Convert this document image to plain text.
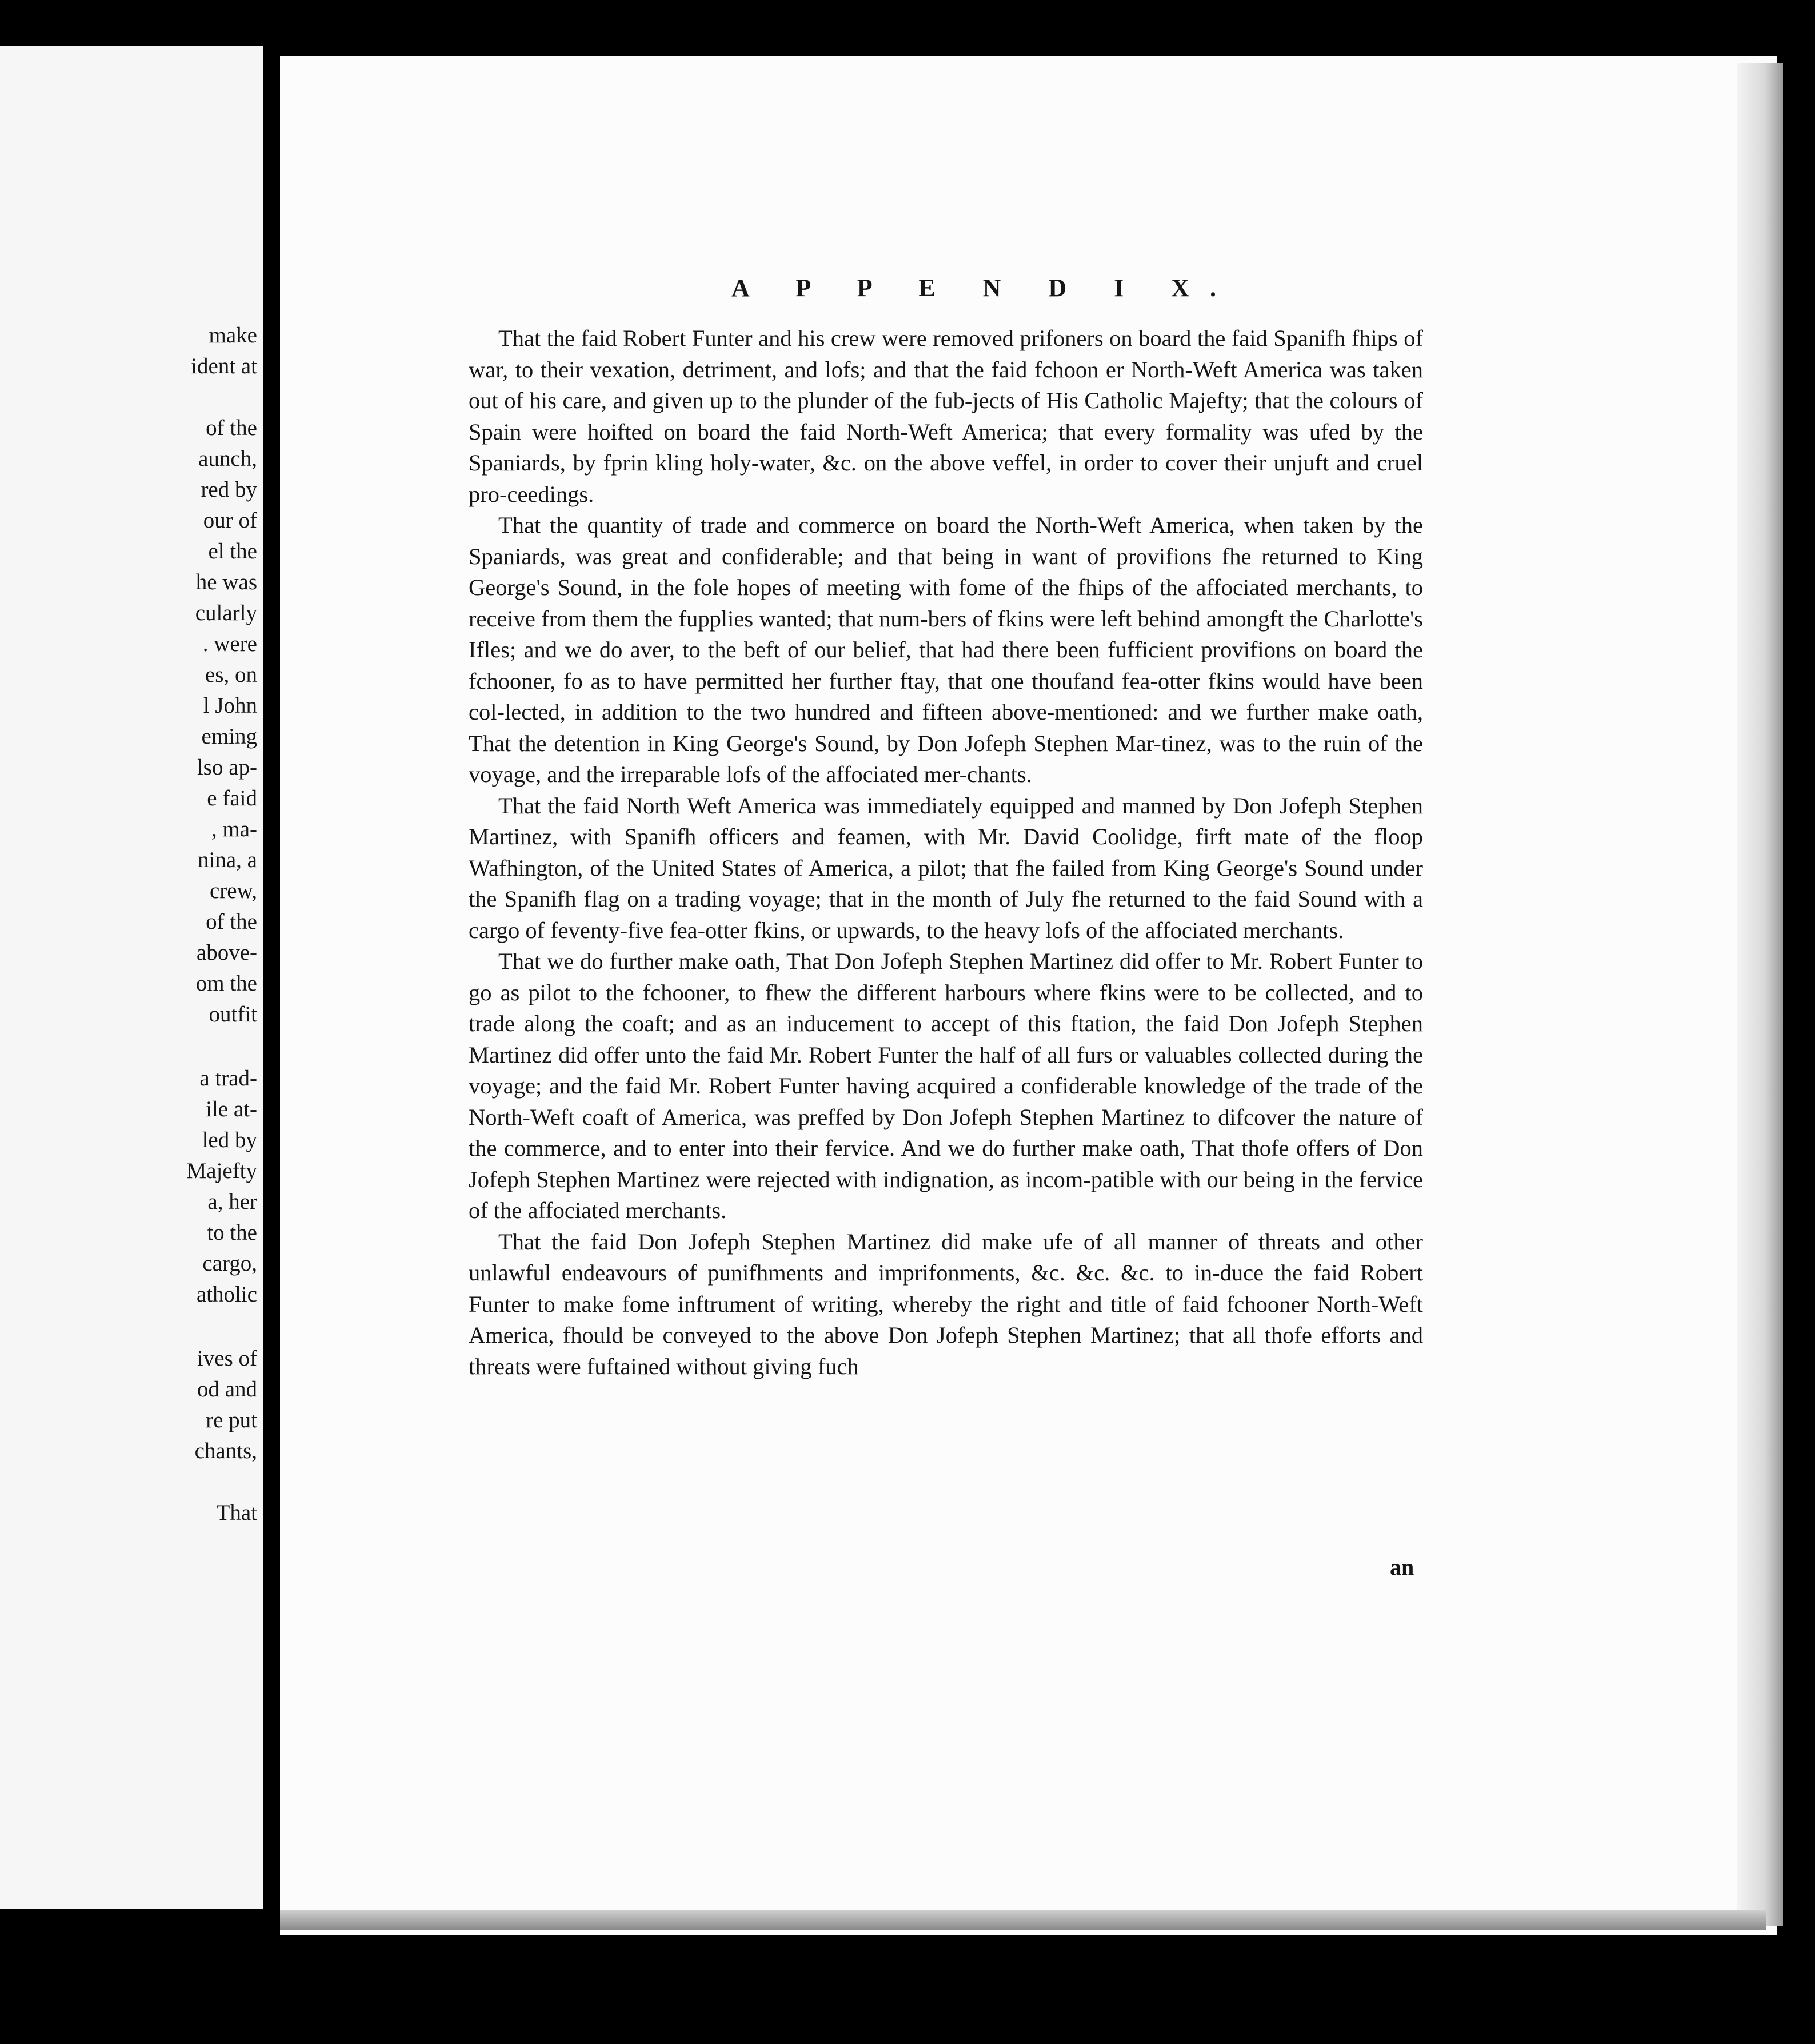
make
ident at
of the
aunch,
red by
our of
el the
he was
cularly
. were
es, on
l John
eming
lso ap-
e faid
, ma-
nina, a
crew,
of the
above-
om the
outfit
a trad-
ile at-
led by
Majefty
a, her
to the
cargo,
atholic
ives of
od and
re put
chants,
That
A P P E N D I X.

That the faid Robert Funter and his crew were removed prifoners on board the faid Spanifh fhips of war, to their vexation, detriment, and lofs; and that the faid fchoon er North-Weft America was taken out of his care, and given up to the plunder of the fub-jects of His Catholic Majefty; that the colours of Spain were hoifted on board the faid North-Weft America; that every formality was ufed by the Spaniards, by fprin kling holy-water, &c. on the above veffel, in order to cover their unjuft and cruel pro-ceedings.

That the quantity of trade and commerce on board the North-Weft America, when taken by the Spaniards, was great and confiderable; and that being in want of provifions fhe returned to King George's Sound, in the fole hopes of meeting with fome of the fhips of the affociated merchants, to receive from them the fupplies wanted; that num-bers of fkins were left behind amongft the Charlotte's Ifles; and we do aver, to the beft of our belief, that had there been fufficient provifions on board the fchooner, fo as to have permitted her further ftay, that one thoufand fea-otter fkins would have been col-lected, in addition to the two hundred and fifteen above-mentioned: and we further make oath, That the detention in King George's Sound, by Don Jofeph Stephen Mar-tinez, was to the ruin of the voyage, and the irreparable lofs of the affociated mer-chants.

That the faid North Weft America was immediately equipped and manned by Don Jofeph Stephen Martinez, with Spanifh officers and feamen, with Mr. David Coolidge, firft mate of the floop Wafhington, of the United States of America, a pilot; that fhe failed from King George's Sound under the Spanifh flag on a trading voyage; that in the month of July fhe returned to the faid Sound with a cargo of feventy-five fea-otter fkins, or upwards, to the heavy lofs of the affociated merchants.

That we do further make oath, That Don Jofeph Stephen Martinez did offer to Mr. Robert Funter to go as pilot to the fchooner, to fhew the different harbours where fkins were to be collected, and to trade along the coaft; and as an inducement to accept of this ftation, the faid Don Jofeph Stephen Martinez did offer unto the faid Mr. Robert Funter the half of all furs or valuables collected during the voyage; and the faid Mr. Robert Funter having acquired a confiderable knowledge of the trade of the North-Weft coaft of America, was preffed by Don Jofeph Stephen Martinez to difcover the nature of the commerce, and to enter into their fervice. And we do further make oath, That thofe offers of Don Jofeph Stephen Martinez were rejected with indignation, as incom-patible with our being in the fervice of the affociated merchants.

That the faid Don Jofeph Stephen Martinez did make ufe of all manner of threats and other unlawful endeavours of punifhments and imprifonments, &c. &c. &c. to in-duce the faid Robert Funter to make fome inftrument of writing, whereby the right and title of faid fchooner North-Weft America, fhould be conveyed to the above Don Jofeph Stephen Martinez; that all thofe efforts and threats were fuftained without giving fuch

an
